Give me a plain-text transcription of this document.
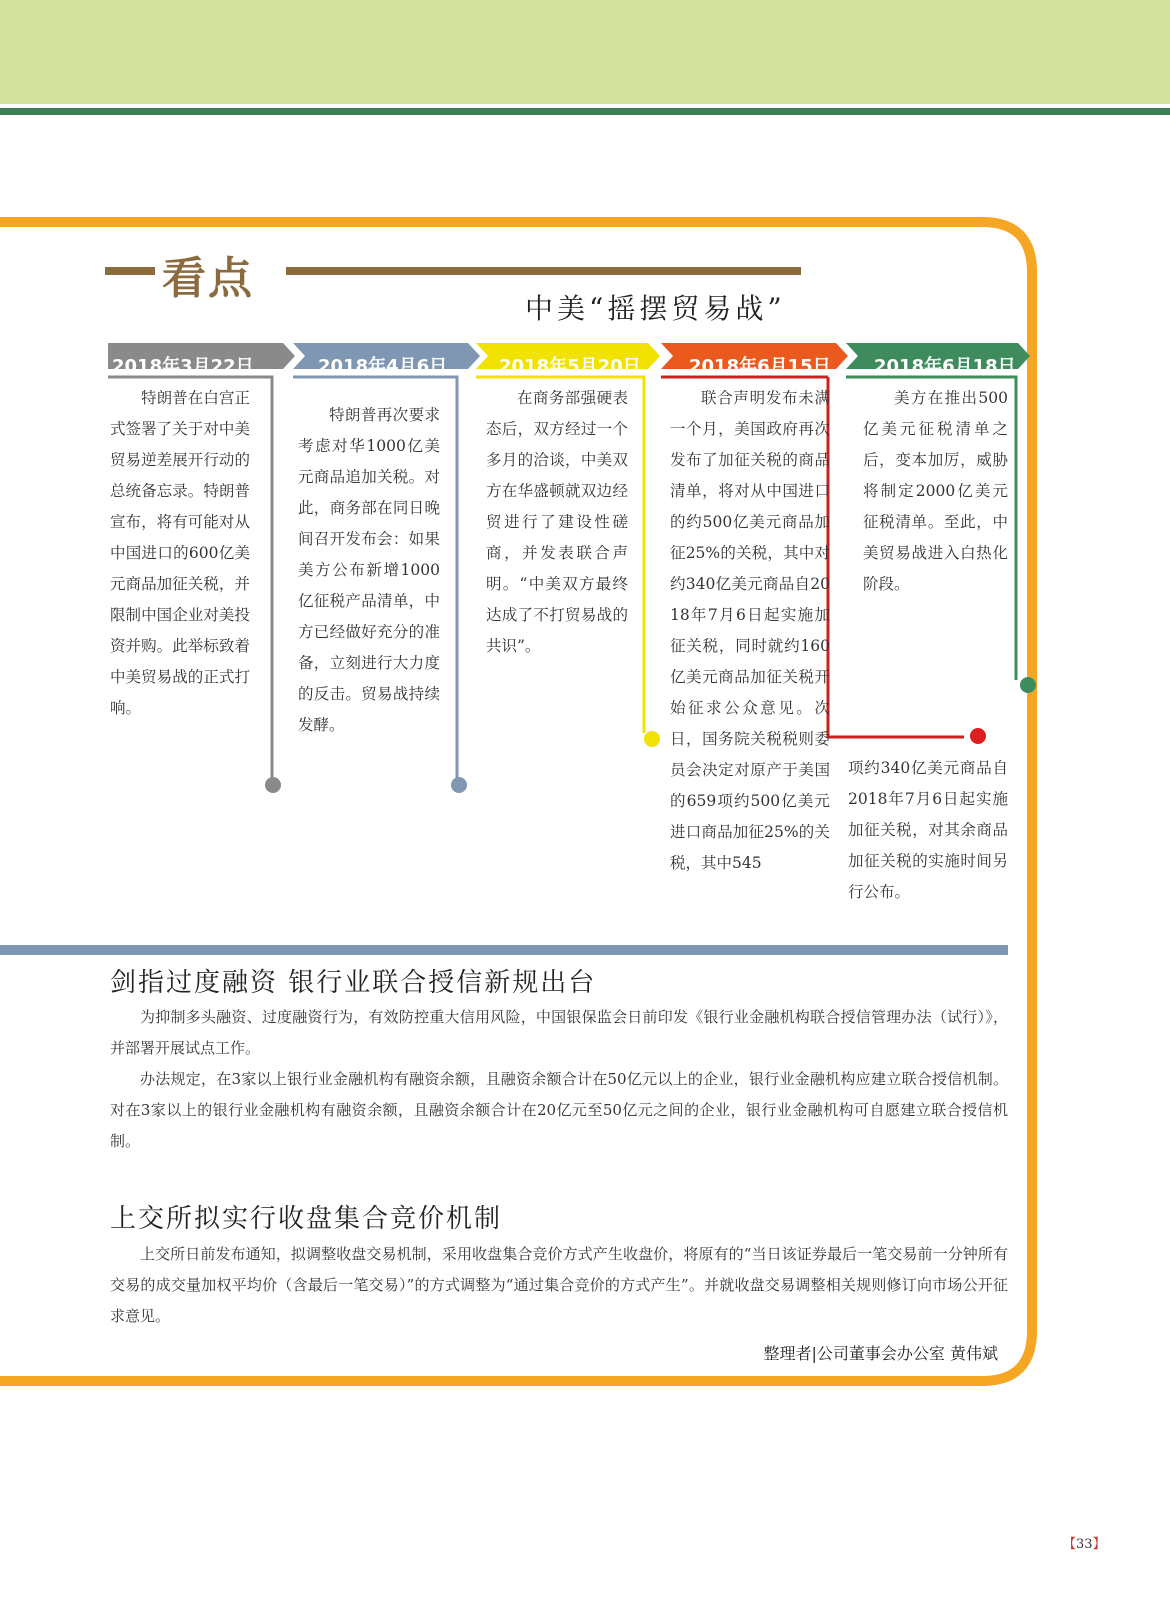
看点
中美“摇摆贸易战”
2018年3月22日	2018年4月6日	2018年5月20日	2018年6月15日 2018年6月18日
特朗普在白宫正式签署了关于对中美贸易逆差展开行动的总统备忘录。特朗普宣布，将有可能对从中国进口的600亿美元商品加征关税，并限制中国企业对美投资并购。此举标致着中美贸易战的正式打响。
特朗普再次要求考虑对华1000亿美元商品追加关税。对此，商务部在同日晚间召开发布会：如果美方公布新增1000亿征税产品清单，中方已经做好充分的准备，立刻进行大力度的反击。贸易战持续发酵。
在商务部强硬表态后，双方经过一个多月的洽谈，中美双方在华盛顿就双边经贸进行了建设性磋商，并发表联合声明。“中美双方最终达成了不打贸易战的共识”。
联合声明发布未满一个月，美国政府再次发布了加征关税的商品清单，将对从中国进口的约500亿美元商品加征25%的关税，其中对约340亿美元商品自2018年7月6日起实施加征关税，同时就约160亿美元商品加征关税开始征求公众意见。次日，国务院关税税则委员会决定对原产于美国的659项约500亿美元进口商品加征25%的关税，其中545
项约340亿美元商品自2018年7月6日起实施加征关税，对其余商品加征关税的实施时间另行公布。
美方在推出500亿美元征税清单之后，变本加厉，威胁将制定2000亿美元征税清单。至此，中美贸易战进入白热化阶段。
剑指过度融资 银行业联合授信新规出台

为抑制多头融资、过度融资行为，有效防控重大信用风险，中国银保监会日前印发《银行业金融机构联合授信管理办法（试行）》，并部署开展试点工作。

办法规定，在3家以上银行业金融机构有融资余额，且融资余额合计在50亿元以上的企业，银行业金融机构应建立联合授信机制。对在3家以上的银行业金融机构有融资余额，且融资余额合计在20亿元至50亿元之间的企业，银行业金融机构可自愿建立联合授信机制。

上交所拟实行收盘集合竞价机制

上交所日前发布通知，拟调整收盘交易机制，采用收盘集合竞价方式产生收盘价，将原有的“当日该证券最后一笔交易前一分钟所有交易的成交量加权平均价（含最后一笔交易）”的方式调整为“通过集合竞价的方式产生”。并就收盘交易调整相关规则修订向市场公开征求意见。

整理者|公司董事会办公室 黄伟斌
【33】
